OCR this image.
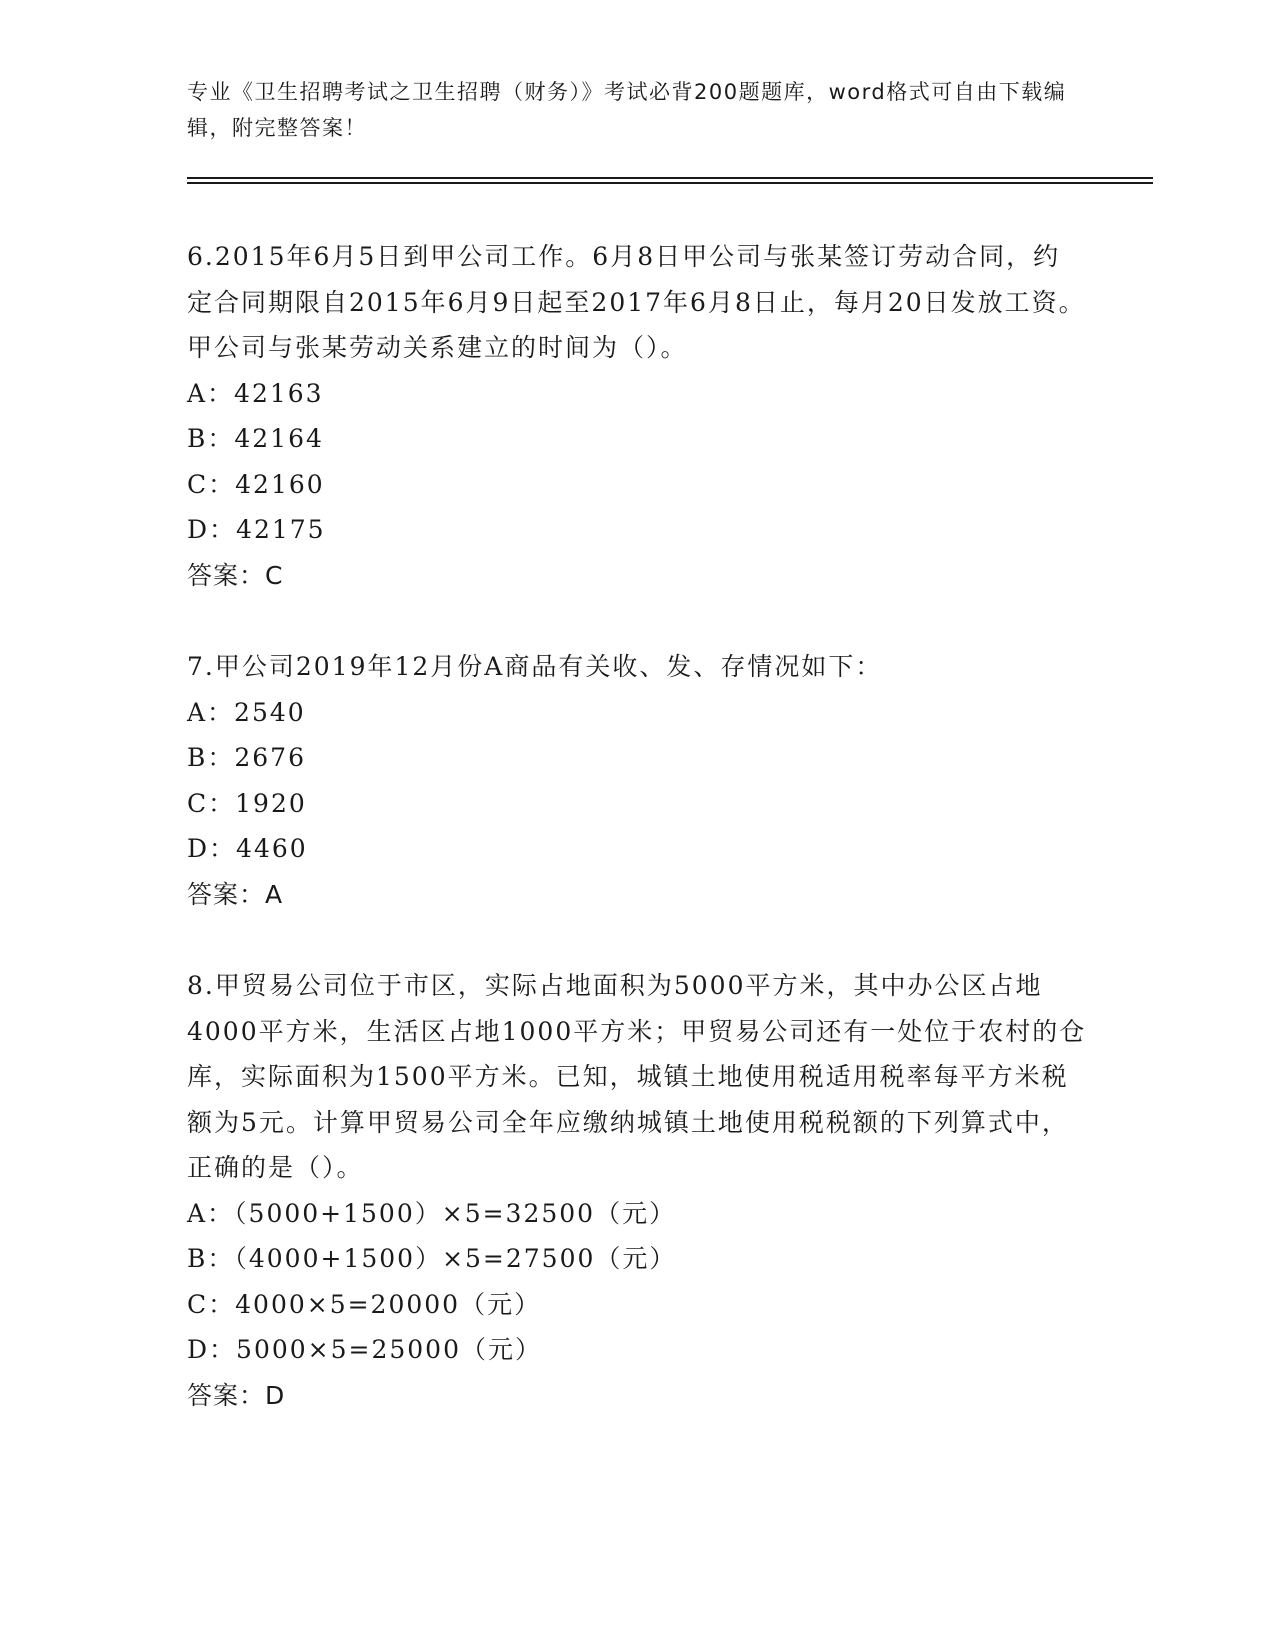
专业《卫生招聘考试之卫生招聘（财务）》考试必背200题题库，word格式可自由下载编辑，附完整答案！

6.2015年6月5日到甲公司工作。6月8日甲公司与张某签订劳动合同，约定合同期限自2015年6月9日起至2017年6月8日止，每月20日发放工资。甲公司与张某劳动关系建立的时间为（）。

A：42163

B：42164

C：42160

D：42175

答案：C

7.甲公司2019年12月份A商品有关收、发、存情况如下：

A：2540

B：2676

C：1920

D：4460

答案：A

8.甲贸易公司位于市区，实际占地面积为5000平方米，其中办公区占地4000平方米，生活区占地1000平方米；甲贸易公司还有一处位于农村的仓库，实际面积为1500平方米。已知，城镇土地使用税适用税率每平方米税额为5元。计算甲贸易公司全年应缴纳城镇土地使用税税额的下列算式中，正确的是（）。

A：（5000+1500）×5=32500（元）

B：（4000+1500）×5=27500（元）

C：4000×5=20000（元）

D：5000×5=25000（元）

答案：D
